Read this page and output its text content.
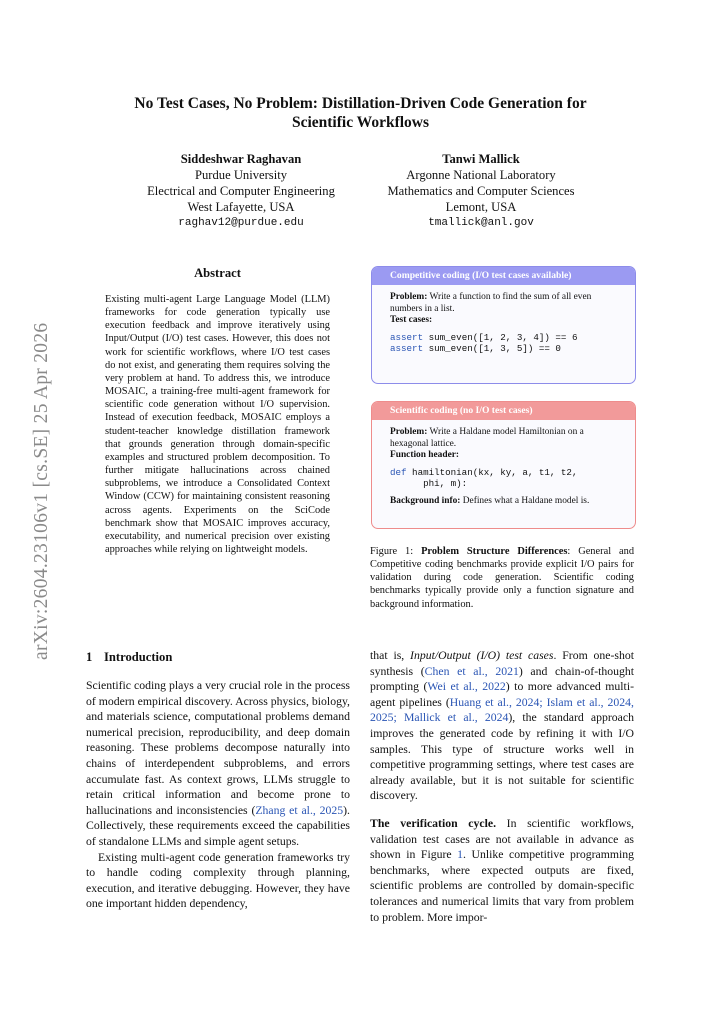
No Test Cases, No Problem: Distillation-Driven Code Generation for
Scientific Workflows
Siddeshwar Raghavan
Purdue University
Electrical and Computer Engineering
West Lafayette, USA
raghav12@purdue.edu
Tanwi Mallick
Argonne National Laboratory
Mathematics and Computer Sciences
Lemont, USA
tmallick@anl.gov
arXiv:2604.23106v1 [cs.SE] 25 Apr 2026
Abstract
Existing multi-agent Large Language Model (LLM) frameworks for code generation typically use execution feedback and improve iteratively using Input/Output (I/O) test cases. However, this does not work for scientific workflows, where I/O test cases do not exist, and generating them requires solving the very problem at hand. To address this, we introduce MOSAIC, a training-free multi-agent framework for scientific code generation without I/O supervision. Instead of execution feedback, MOSAIC employs a student-teacher knowledge distillation framework that grounds generation through domain-specific examples and structured problem decomposition. To further mitigate hallucinations across chained subproblems, we introduce a Consolidated Context Window (CCW) for maintaining consistent reasoning across agents. Experiments on the SciCode benchmark show that MOSAIC improves accuracy, executability, and numerical precision over existing approaches while relying on lightweight models.
1 Introduction

Scientific coding plays a very crucial role in the process of modern empirical discovery. Across physics, biology, and materials science, computational problems demand numerical precision, reproducibility, and deep domain reasoning. These problems decompose naturally into chains of interdependent subproblems, and errors accumulate fast. As context grows, LLMs struggle to retain critical information and become prone to hallucinations and inconsistencies (Zhang et al., 2025). Collectively, these requirements exceed the capabilities of standalone LLMs and simple agent setups.

Existing multi-agent code generation frameworks try to handle coding complexity through planning, execution, and iterative debugging. However, they have one important hidden dependency,

Competitive coding (I/O test cases available)
Problem: Write a function to find the sum of all even numbers in a list.
Test cases:
assert sum_even([1, 2, 3, 4]) == 6
assert sum_even([1, 3, 5]) == 0
Scientific coding (no I/O test cases)
Problem: Write a Haldane model Hamiltonian on a hexagonal lattice.
Function header:
def hamiltonian(kx, ky, a, t1, t2,
phi, m):
Background info: Defines what a Haldane model is.
Figure 1: Problem Structure Differences: General and Competitive coding benchmarks provide explicit I/O pairs for validation during code generation. Scientific coding benchmarks typically provide only a function signature and background information.

that is, Input/Output (I/O) test cases. From one-shot synthesis (Chen et al., 2021) and chain-of-thought prompting (Wei et al., 2022) to more advanced multi-agent pipelines (Huang et al., 2024; Islam et al., 2024, 2025; Mallick et al., 2024), the standard approach improves the generated code by refining it with I/O samples. This type of structure works well in competitive programming settings, where test cases are already available, but it is not suitable for scientific discovery.

The verification cycle. In scientific workflows, validation test cases are not available in advance as shown in Figure 1. Unlike competitive programming benchmarks, where expected outputs are fixed, scientific problems are controlled by domain-specific tolerances and numerical limits that vary from problem to problem. More impor-
